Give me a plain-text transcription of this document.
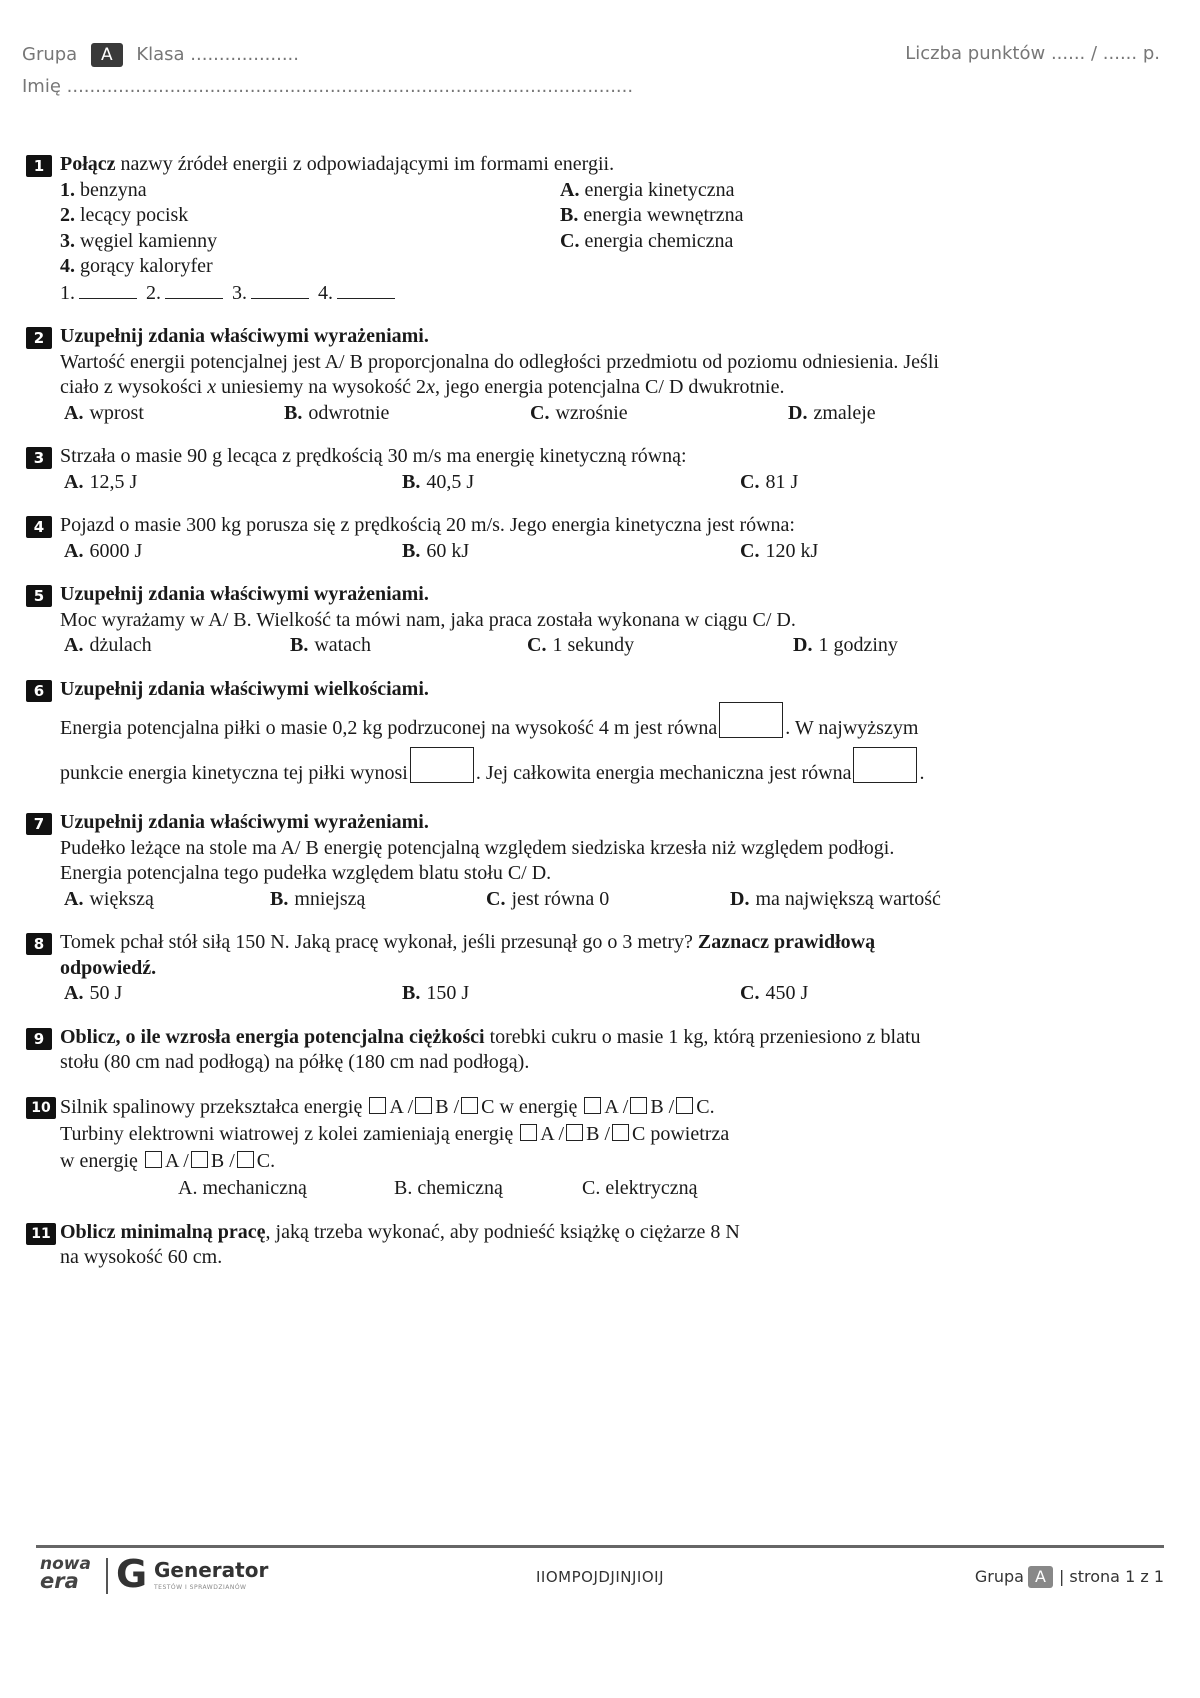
Grupa A Klasa ...................	Liczba punktów ...... / ...... p.
Imię ...................................................................................................
1 Połącz nazwy źródeł energii z odpowiadającymi im formami energii.
1. benzyna
2. lecący pocisk
3. węgiel kamienny
4. gorący kaloryfer
A. energia kinetyczna
B. energia wewnętrzna
C. energia chemiczna
1.	2.	3.	4.
2 Uzupełnij zdania właściwymi wyrażeniami.
Wartość energii potencjalnej jest A/ B proporcjonalna do odległości przedmiotu od poziomu odniesienia. Jeśli
ciało z wysokości x uniesiemy na wysokość 2x, jego energia potencjalna C/ D dwukrotnie.
A. wprost	B. odwrotnie	C. wzrośnie	D. zmaleje
3 Strzała o masie 90 g lecąca z prędkością 30 m/s ma energię kinetyczną równą:
A. 12,5 J	B. 40,5 J	C. 81 J
4 Pojazd o masie 300 kg porusza się z prędkością 20 m/s. Jego energia kinetyczna jest równa:
A. 6000 J	B. 60 kJ	C. 120 kJ
5 Uzupełnij zdania właściwymi wyrażeniami.
Moc wyrażamy w A/ B. Wielkość ta mówi nam, jaka praca została wykonana w ciągu C/ D.
A. dżulach	B. watach	C. 1 sekundy	D. 1 godziny
6 Uzupełnij zdania właściwymi wielkościami.
Energia potencjalna piłki o masie 0,2 kg podrzuconej na wysokość 4 m jest równa	. W najwyższym
punkcie energia kinetyczna tej piłki wynosi	. Jej całkowita energia mechaniczna jest równa	.
7 Uzupełnij zdania właściwymi wyrażeniami.
Pudełko leżące na stole ma A/ B energię potencjalną względem siedziska krzesła niż względem podłogi.
Energia potencjalna tego pudełka względem blatu stołu C/ D.
A. większą	B. mniejszą	C. jest równa 0	D. ma największą wartość
8 Tomek pchał stół siłą 150 N. Jaką pracę wykonał, jeśli przesunął go o 3 metry? Zaznacz prawidłową
odpowiedź.
A. 50 J	B. 150 J	C. 450 J
9 Oblicz, o ile wzrosła energia potencjalna ciężkości torebki cukru o masie 1 kg, którą przeniesiono z blatu
stołu (80 cm nad podłogą) na półkę (180 cm nad podłogą).
10 Silnik spalinowy przekształca energię A / B / C w energię A / B / C.
Turbiny elektrowni wiatrowej z kolei zamieniają energię A / B / C powietrza
w energię A / B / C.
A. mechaniczną	B. chemiczną	C. elektryczną
11 Oblicz minimalną pracę, jaką trzeba wykonać, aby podnieść książkę o ciężarze 8 N
na wysokość 60 cm.
nowa
era G Generator
TESTÓW I SPRAWDZIANÓW
IIOMPOJDJINJIOIJ	Grupa A | strona 1 z 1
